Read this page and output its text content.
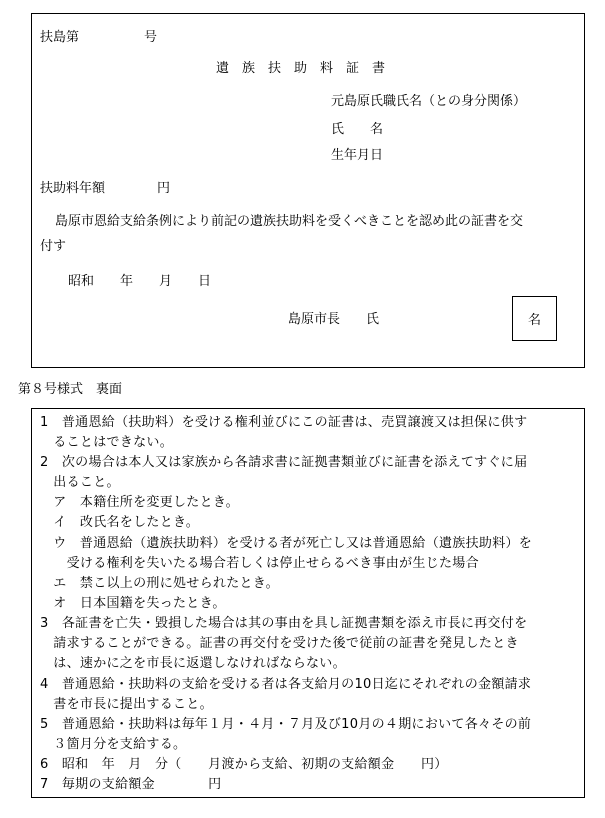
扶島第　　　　　号
遺族扶助料証書
元島原氏職氏名（との身分関係）
氏　　名
生年月日
扶助料年額　　　　円
島原市恩給支給条例により前記の遺族扶助料を受くべきことを認め此の証書を交
付す
昭和　　年　　月　　日
島原市長　　氏	名
第８号様式　裏面
1　普通恩給（扶助料）を受ける権利並びにこの証書は、売買譲渡又は担保に供す
　ることはできない。
2　次の場合は本人又は家族から各請求書に証拠書類並びに証書を添えてすぐに届
　出ること。
　ア　本籍住所を変更したとき。
　イ　改氏名をしたとき。
　ウ　普通恩給（遺族扶助料）を受ける者が死亡し又は普通恩給（遺族扶助料）を
　　受ける権利を失いたる場合若しくは停止せらるべき事由が生じた場合
　エ　禁こ以上の刑に処せられたとき。
　オ　日本国籍を失ったとき。
3　各証書を亡失・毀損した場合は其の事由を具し証拠書類を添え市長に再交付を
　請求することができる。証書の再交付を受けた後で従前の証書を発見したとき
　は、速かに之を市長に返還しなければならない。
4　普通恩給・扶助料の支給を受ける者は各支給月の10日迄にそれぞれの金額請求
　書を市長に提出すること。
5　普通恩給・扶助料は毎年１月・４月・７月及び10月の４期において各々その前
　３箇月分を支給する。
6　昭和　年　月　分（　　月渡から支給、初期の支給額金　　円）
7　毎期の支給額金　　　　円
